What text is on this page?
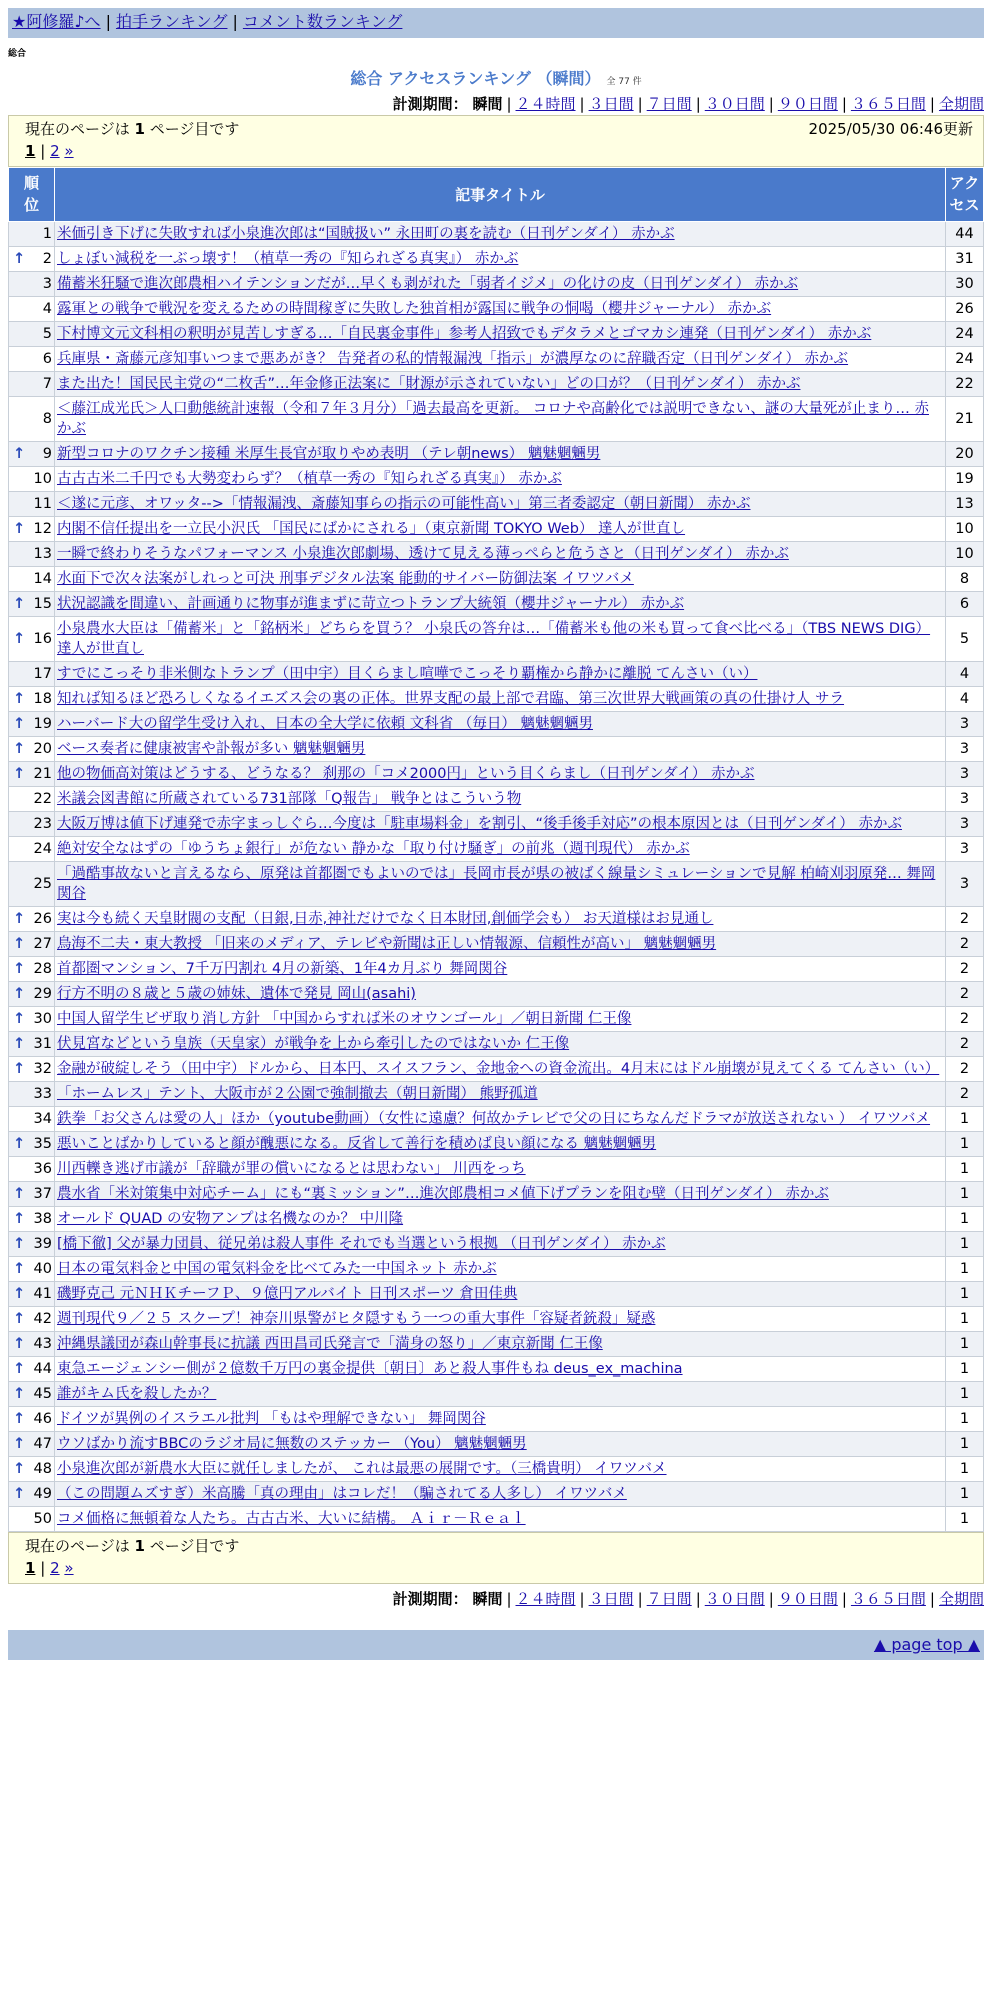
★阿修羅♪へ | 拍手ランキング | コメント数ランキング
総合
総合 アクセスランキング （瞬間） 全 77 件
計測期間： 瞬間 | ２４時間 | ３日間 | ７日間 | ３０日間 | ９０日間 | ３６５日間 | 全期間
現在のページは 1 ページ目です	2025/05/30 06:46更新
1 | 2 »
順位	記事タイトル	アクセス
1	米価引き下げに失敗すれば小泉進次郎は“国賊扱い” 永田町の裏を読む（日刊ゲンダイ） 赤かぶ	44

↑ 2	しょぼい減税を一ぶっ壊す！（植草一秀の『知られざる真実』） 赤かぶ	31
3	備蓄米狂騒で進次郎農相ハイテンションだが…早くも剥がれた「弱者イジメ」の化けの皮（日刊ゲンダイ） 赤かぶ	30
4	露軍との戦争で戦況を変えるための時間稼ぎに失敗した独首相が露国に戦争の恫喝（櫻井ジャーナル） 赤かぶ	26
5	下村博文元文科相の釈明が見苦しすぎる…「自民裏金事件」参考人招致でもデタラメとゴマカシ連発（日刊ゲンダイ） 赤かぶ	24
6	兵庫県・斎藤元彦知事いつまで悪あがき？ 告発者の私的情報漏洩「指示」が濃厚なのに辞職否定（日刊ゲンダイ） 赤かぶ	24
7	また出た！国民民主党の“二枚舌”…年金修正法案に「財源が示されていない」どの口が？（日刊ゲンダイ） 赤かぶ	22
8	＜藤江成光氏＞人口動態統計速報（令和７年３月分）「過去最高を更新。 コロナや高齢化では説明できない、謎の大量死が止まり… 赤かぶ	21

↑ 9	新型コロナのワクチン接種 米厚生長官が取りやめ表明 （テレ朝news） 魑魅魍魎男	20
10	古古古米二千円でも大勢変わらず？（植草一秀の『知られざる真実』） 赤かぶ	19
11	＜遂に元彦、オワッタ-->「情報漏洩、斎藤知事らの指示の可能性高い」第三者委認定（朝日新聞） 赤かぶ	13

↑ 12	内閣不信任提出を一立民小沢氏 「国民にばかにされる」（東京新聞 TOKYO Web） 達人が世直し	10
13	一瞬で終わりそうなパフォーマンス 小泉進次郎劇場、透けて見える薄っぺらと危うさと（日刊ゲンダイ） 赤かぶ	10
14	水面下で次々法案がしれっと可決 刑事デジタル法案 能動的サイバー防御法案 イワツバメ	8

↑ 15	状況認識を間違い、計画通りに物事が進まずに苛立つトランプ大統領（櫻井ジャーナル） 赤かぶ	6

↑ 16	小泉農水大臣は「備蓄米」と「銘柄米」どちらを買う？ 小泉氏の答弁は…「備蓄米も他の米も買って食べ比べる」（TBS NEWS DIG） 達人が世直し	5
17	すでにこっそり非米側なトランプ（田中宇）目くらまし喧嘩でこっそり覇権から静かに離脱 てんさい（い）	4

↑ 18	知れば知るほど恐ろしくなるイエズス会の裏の正体。世界支配の最上部で君臨、第三次世界大戦画策の真の仕掛け人 サラ	4

↑ 19	ハーバード大の留学生受け入れ、日本の全大学に依頼 文科省 （毎日） 魑魅魍魎男	3

↑ 20	ベース奏者に健康被害や訃報が多い 魑魅魍魎男	3

↑ 21	他の物価高対策はどうする、どうなる？ 刹那の「コメ2000円」という目くらまし（日刊ゲンダイ） 赤かぶ	3
22	米議会図書館に所蔵されている731部隊「Q報告」 戦争とはこういう物	3
23	大阪万博は値下げ連発で赤字まっしぐら…今度は「駐車場料金」を割引、“後手後手対応”の根本原因とは（日刊ゲンダイ） 赤かぶ	3
24	絶対安全なはずの「ゆうちょ銀行」が危ない 静かな「取り付け騒ぎ」の前兆（週刊現代） 赤かぶ	3
25	「過酷事故ないと言えるなら、原発は首都圏でもよいのでは」長岡市長が県の被ばく線量シミュレーションで見解 柏崎刈羽原発… 舞岡関谷	3

↑ 26	実は今も続く天皇財閥の支配（日銀,日赤,神社だけでなく日本財団,創価学会も） お天道様はお見通し	2

↑ 27	鳥海不二夫・東大教授 「旧来のメディア、テレビや新聞は正しい情報源、信頼性が高い」 魑魅魍魎男	2

↑ 28	首都圏マンション、7千万円割れ 4月の新築、1年4カ月ぶり 舞岡関谷	2

↑ 29	行方不明の８歳と５歳の姉妹、遺体で発見 岡山(asahi)	2

↑ 30	中国人留学生ビザ取り消し方針 「中国からすれば米のオウンゴール」／朝日新聞 仁王像	2

↑ 31	伏見宮などという皇族（天皇家）が戦争を上から牽引したのではないか 仁王像	2

↑ 32	金融が破綻しそう（田中宇）ドルから、日本円、スイスフラン、金地金への資金流出。4月末にはドル崩壊が見えてくる てんさい（い）	2
33	「ホームレス」テント、大阪市が２公園で強制撤去（朝日新聞） 熊野孤道	2
34	鉄拳「お父さんは愛の人」ほか（youtube動画）（女性に遠慮？何故かテレビで父の日にちなんだドラマが放送されない ） イワツバメ	1

↑ 35	悪いことばかりしていると顔が醜悪になる。反省して善行を積めば良い顔になる 魑魅魍魎男	1
36	川西轢き逃げ市議が「辞職が罪の償いになるとは思わない」 川西をっち	1

↑ 37	農水省「米対策集中対応チーム」にも“裏ミッション”…進次郎農相コメ値下げプランを阻む壁（日刊ゲンダイ） 赤かぶ	1

↑ 38	オールド QUAD の安物アンプは名機なのか？ 中川隆	1

↑ 39	[橋下徹] 父が暴力団員、従兄弟は殺人事件 それでも当選という根拠 （日刊ゲンダイ） 赤かぶ	1

↑ 40	日本の電気料金と中国の電気料金を比べてみた一中国ネット 赤かぶ	1

↑ 41	磯野克己 元ＮＨＫチーフＰ、９億円アルバイト 日刊スポーツ 倉田佳典	1

↑ 42	週刊現代９／２５ スクープ！神奈川県警がヒタ隠すもう一つの重大事件「容疑者銃殺」疑惑	1

↑ 43	沖縄県議団が森山幹事長に抗議 西田昌司氏発言で「満身の怒り」／東京新聞 仁王像	1

↑ 44	東急エージェンシー側が２億数千万円の裏金提供〔朝日〕あと殺人事件もね deus_ex_machina	1

↑ 45	誰がキム氏を殺したか？	1

↑ 46	ドイツが異例のイスラエル批判 「もはや理解できない」 舞岡関谷	1

↑ 47	ウソばかり流すBBCのラジオ局に無数のステッカー （You） 魑魅魍魎男	1

↑ 48	小泉進次郎が新農水大臣に就任しましたが、 これは最悪の展開です。（三橋貴明） イワツバメ	1

↑ 49	（この問題ムズすぎ）米高騰「真の理由」はコレだ！（騙されてる人多し） イワツバメ	1
50	コメ価格に無頓着な人たち。古古古米、大いに結構。 Ａｉｒ－Ｒｅａｌ	1
現在のページは 1 ページ目です
1 | 2 »
計測期間： 瞬間 | ２４時間 | ３日間 | ７日間 | ３０日間 | ９０日間 | ３６５日間 | 全期間
▲ page top ▲
